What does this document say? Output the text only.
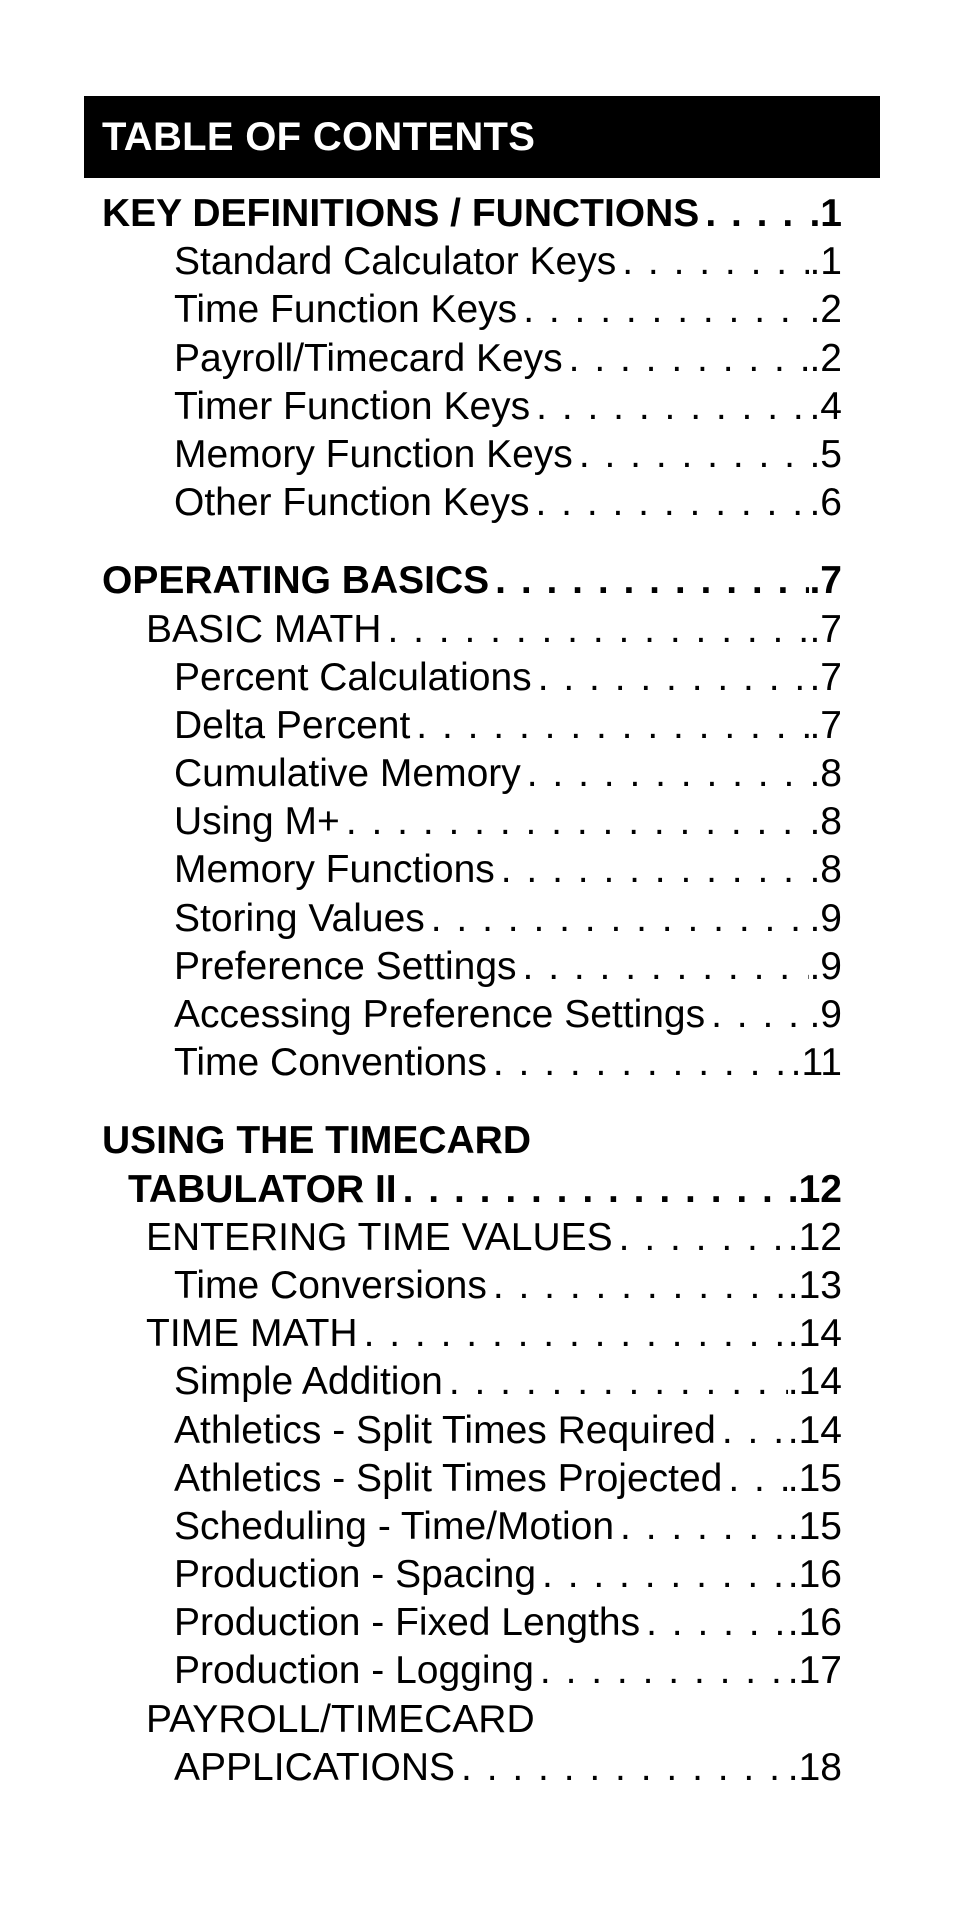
TABLE OF CONTENTS
KEY DEFINITIONS / FUNCTIONS . . .	.1
Standard Calculator Keys . . .	.1
Time Function Keys . . .	.2
Payroll/Timecard Keys . . .	.2
Timer Function Keys . . .	.4
Memory Function Keys . . .	.5
Other Function Keys . . .	.6
OPERATING BASICS . . .	.7
BASIC MATH . . .	.7
Percent Calculations . . .	.7
Delta Percent . . .	.7
Cumulative Memory . . .	.8
Using M+ . . .	.8
Memory Functions . . .	.8
Storing Values . . .	.9
Preference Settings . . .	.9
Accessing Preference Settings . . .	.9
Time Conventions . . .	.11
USING THE TIMECARD
TABULATOR II . . .	.12
ENTERING TIME VALUES . . .	.12
Time Conversions . . .	.13
TIME MATH . . .	.14
Simple Addition . . .	.14
Athletics - Split Times Required . . . .14
Athletics - Split Times Projected . . . .15
Scheduling - Time/Motion . . .	.15
Production - Spacing . . .	.16
Production - Fixed Lengths . . .	.16
Production - Logging . . .	.17
PAYROLL/TIMECARD
APPLICATIONS . . .	.18
